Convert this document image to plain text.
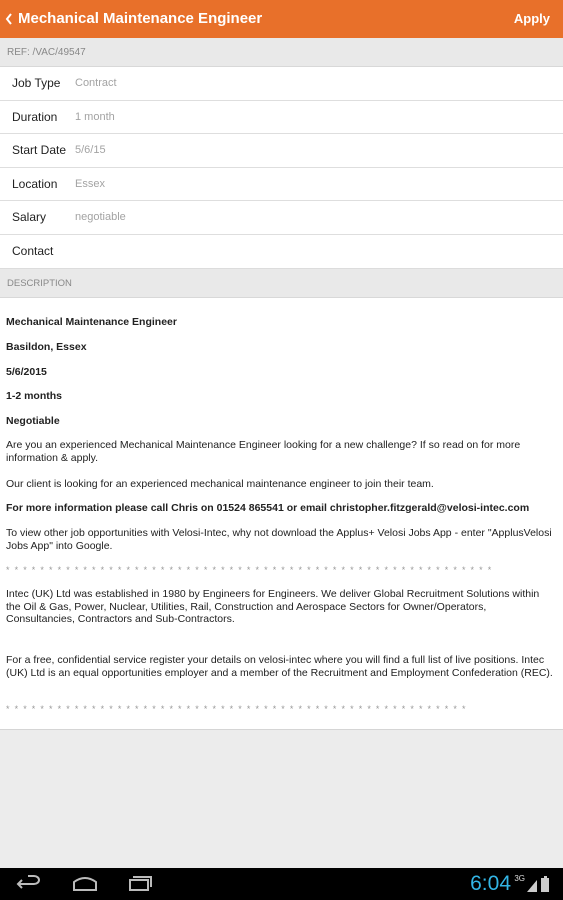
Mechanical Maintenance Engineer	Apply
REF: /VAC/49547
Job Type	Contract
Duration	1 month
Start Date 5/6/15
Location	Essex
Salary	negotiable
Contact
DESCRIPTION
Mechanical Maintenance Engineer
Basildon, Essex
5/6/2015
1-2 months
Negotiable
Are you an experienced Mechanical Maintenance Engineer looking for a new challenge? If so read on for more information & apply.
Our client is looking for an experienced mechanical maintenance engineer to join their team.
For more information please call Chris on 01524 865541 or email christopher.fitzgerald@velosi-intec.com
To view other job opportunities with Velosi-Intec, why not download the Applus+ Velosi Jobs App - enter "ApplusVelosi Jobs App" into Google.
* * * * * * * * * * * * * * * * * * * * * * * * * * * * * * * * * * * * * * * * * * * * * * * * * * * * * * * * *
Intec (UK) Ltd was established in 1980 by Engineers for Engineers. We deliver Global Recruitment Solutions within the Oil & Gas, Power, Nuclear, Utilities, Rail, Construction and Aerospace Sectors for Owner/Operators, Consultancies, Contractors and Sub-Contractors.
For a free, confidential service register your details on velosi-intec where you will find a full list of live positions. Intec (UK) Ltd is an equal opportunities employer and a member of the Recruitment and Employment Confederation (REC).
* * * * * * * * * * * * * * * * * * * * * * * * * * * * * * * * * * * * * * * * * * * * * * * * * * * * * *
6:04 3G
